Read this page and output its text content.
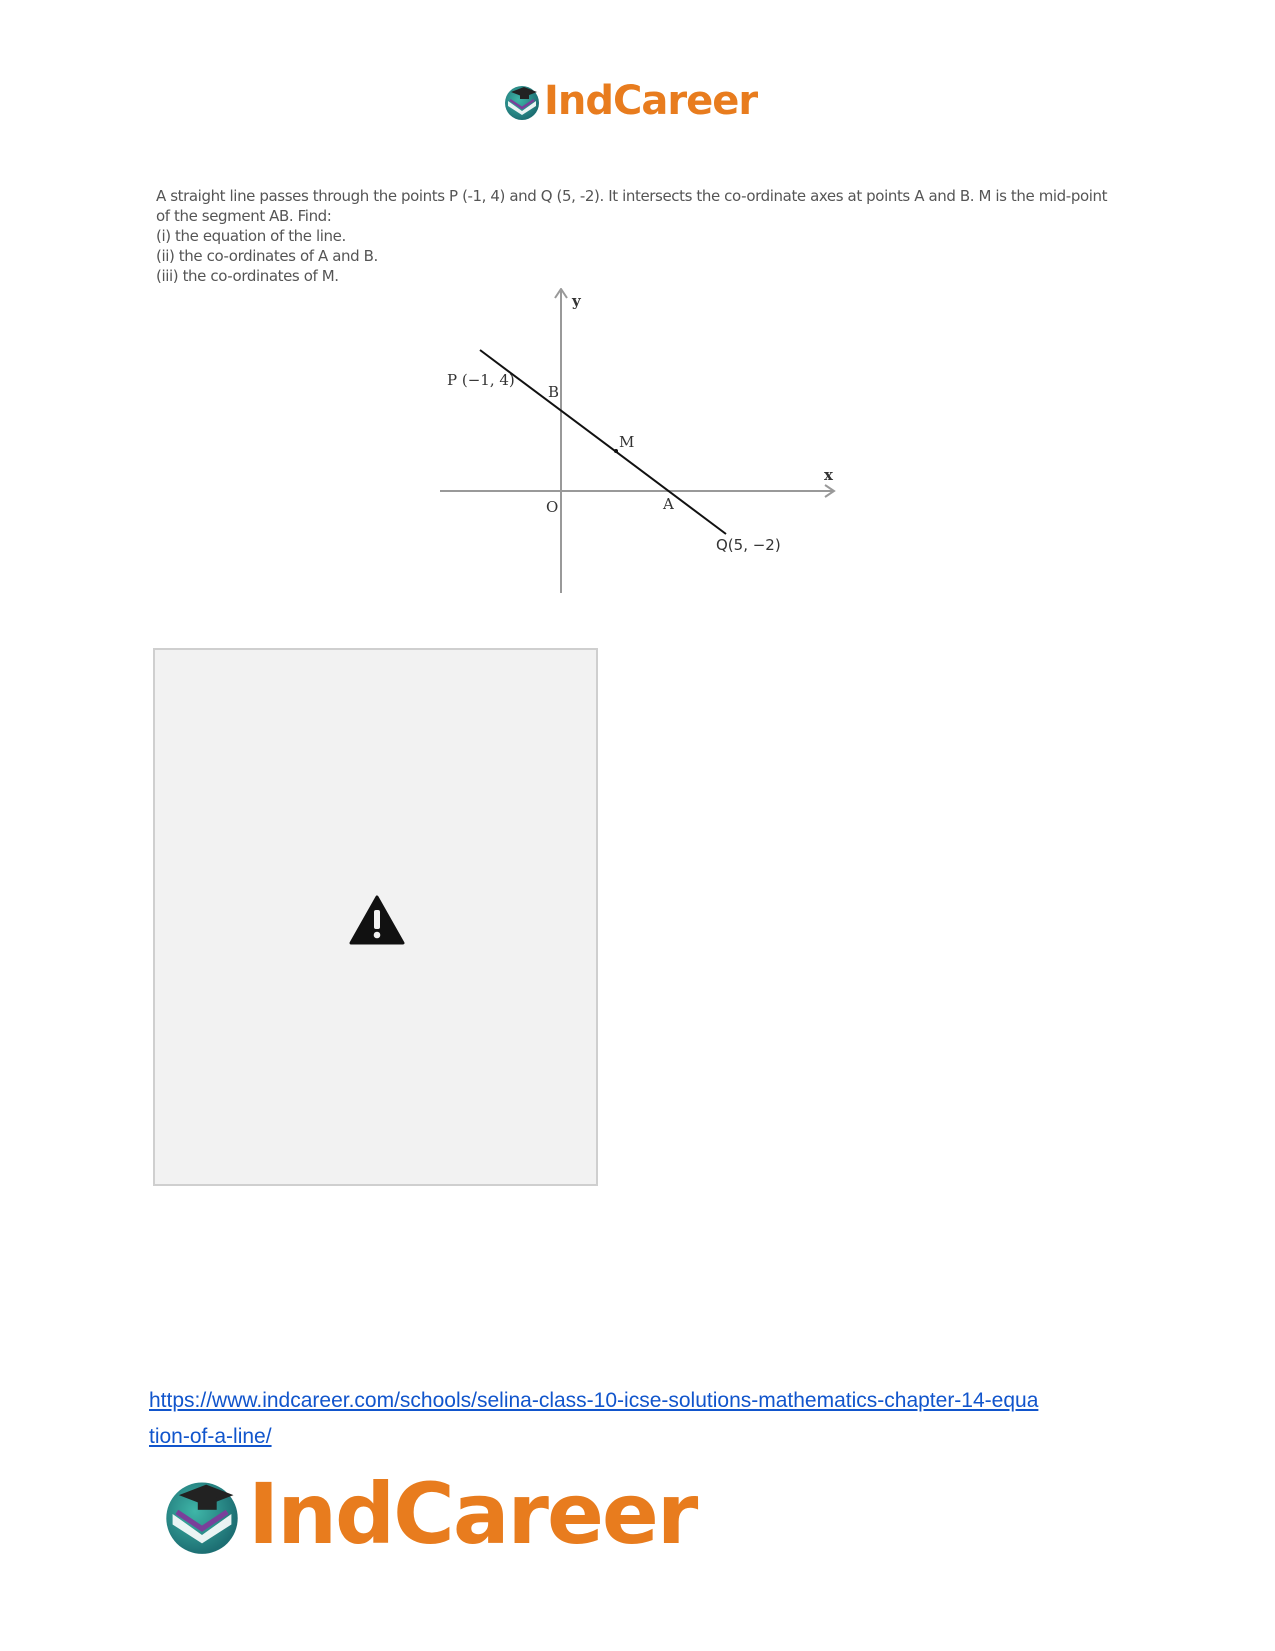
IndCareer
A straight line passes through the points P (-1, 4) and Q (5, -2). It intersects the co-ordinate axes at points A and B. M is the mid-point
of the segment AB. Find:
(i) the equation of the line.
(ii) the co-ordinates of A and B.
(iii) the co-ordinates of M.
y
x
P (−1, 4)
B
M
O	A
Q(5, −2)
https://www.indcareer.com/schools/selina-class-10-icse-solutions-mathematics-chapter-14-equa
tion-of-a-line/
IndCareer
